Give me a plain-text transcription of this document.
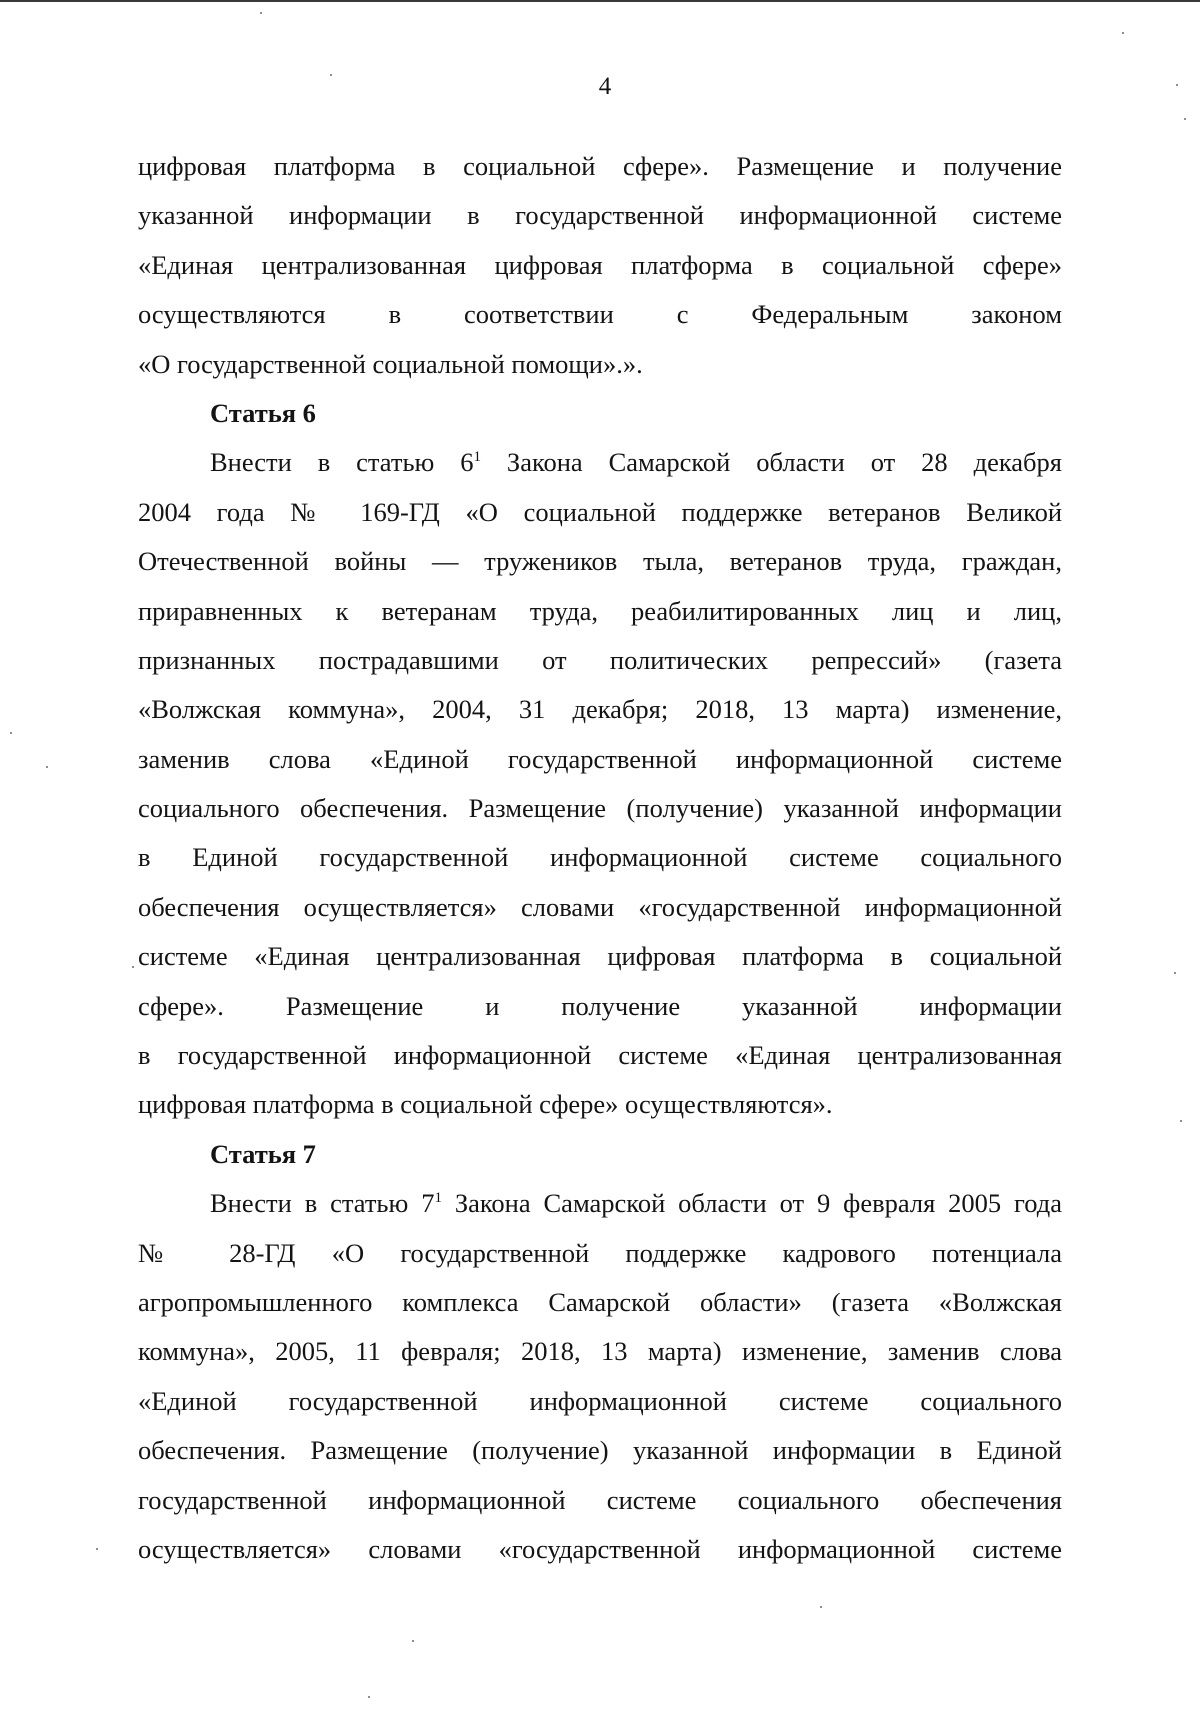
4
цифровая платформа в социальной сфере». Размещение и получение
указанной информации в государственной информационной системе
«Единая централизованная цифровая платформа в социальной сфере»
осуществляются в соответствии с Федеральным законом
«О государственной социальной помощи».».
Статья 6
Внести в статью $6^1$ Закона Самарской области от 28 декабря
2004 года № 169-ГД «О социальной поддержке ветеранов Великой
Отечественной войны — тружеников тыла, ветеранов труда, граждан,
приравненных к ветеранам труда, реабилитированных лиц и лиц,
признанных пострадавшими от политических репрессий» (газета
«Волжская коммуна», 2004, 31 декабря; 2018, 13 марта) изменение,
заменив слова «Единой государственной информационной системе
социального обеспечения. Размещение (получение) указанной информации
в Единой государственной информационной системе социального
обеспечения осуществляется» словами «государственной информационной
системе «Единая централизованная цифровая платформа в социальной
сфере». Размещение и получение указанной информации
в государственной информационной системе «Единая централизованная
цифровая платформа в социальной сфере» осуществляются».
Статья 7
Внести в статью $7^1$ Закона Самарской области от 9 февраля 2005 года
№ 28-ГД «О государственной поддержке кадрового потенциала
агропромышленного комплекса Самарской области» (газета «Волжская
коммуна», 2005, 11 февраля; 2018, 13 марта) изменение, заменив слова
«Единой государственной информационной системе социального
обеспечения. Размещение (получение) указанной информации в Единой
государственной информационной системе социального обеспечения
осуществляется» словами «государственной информационной системе
